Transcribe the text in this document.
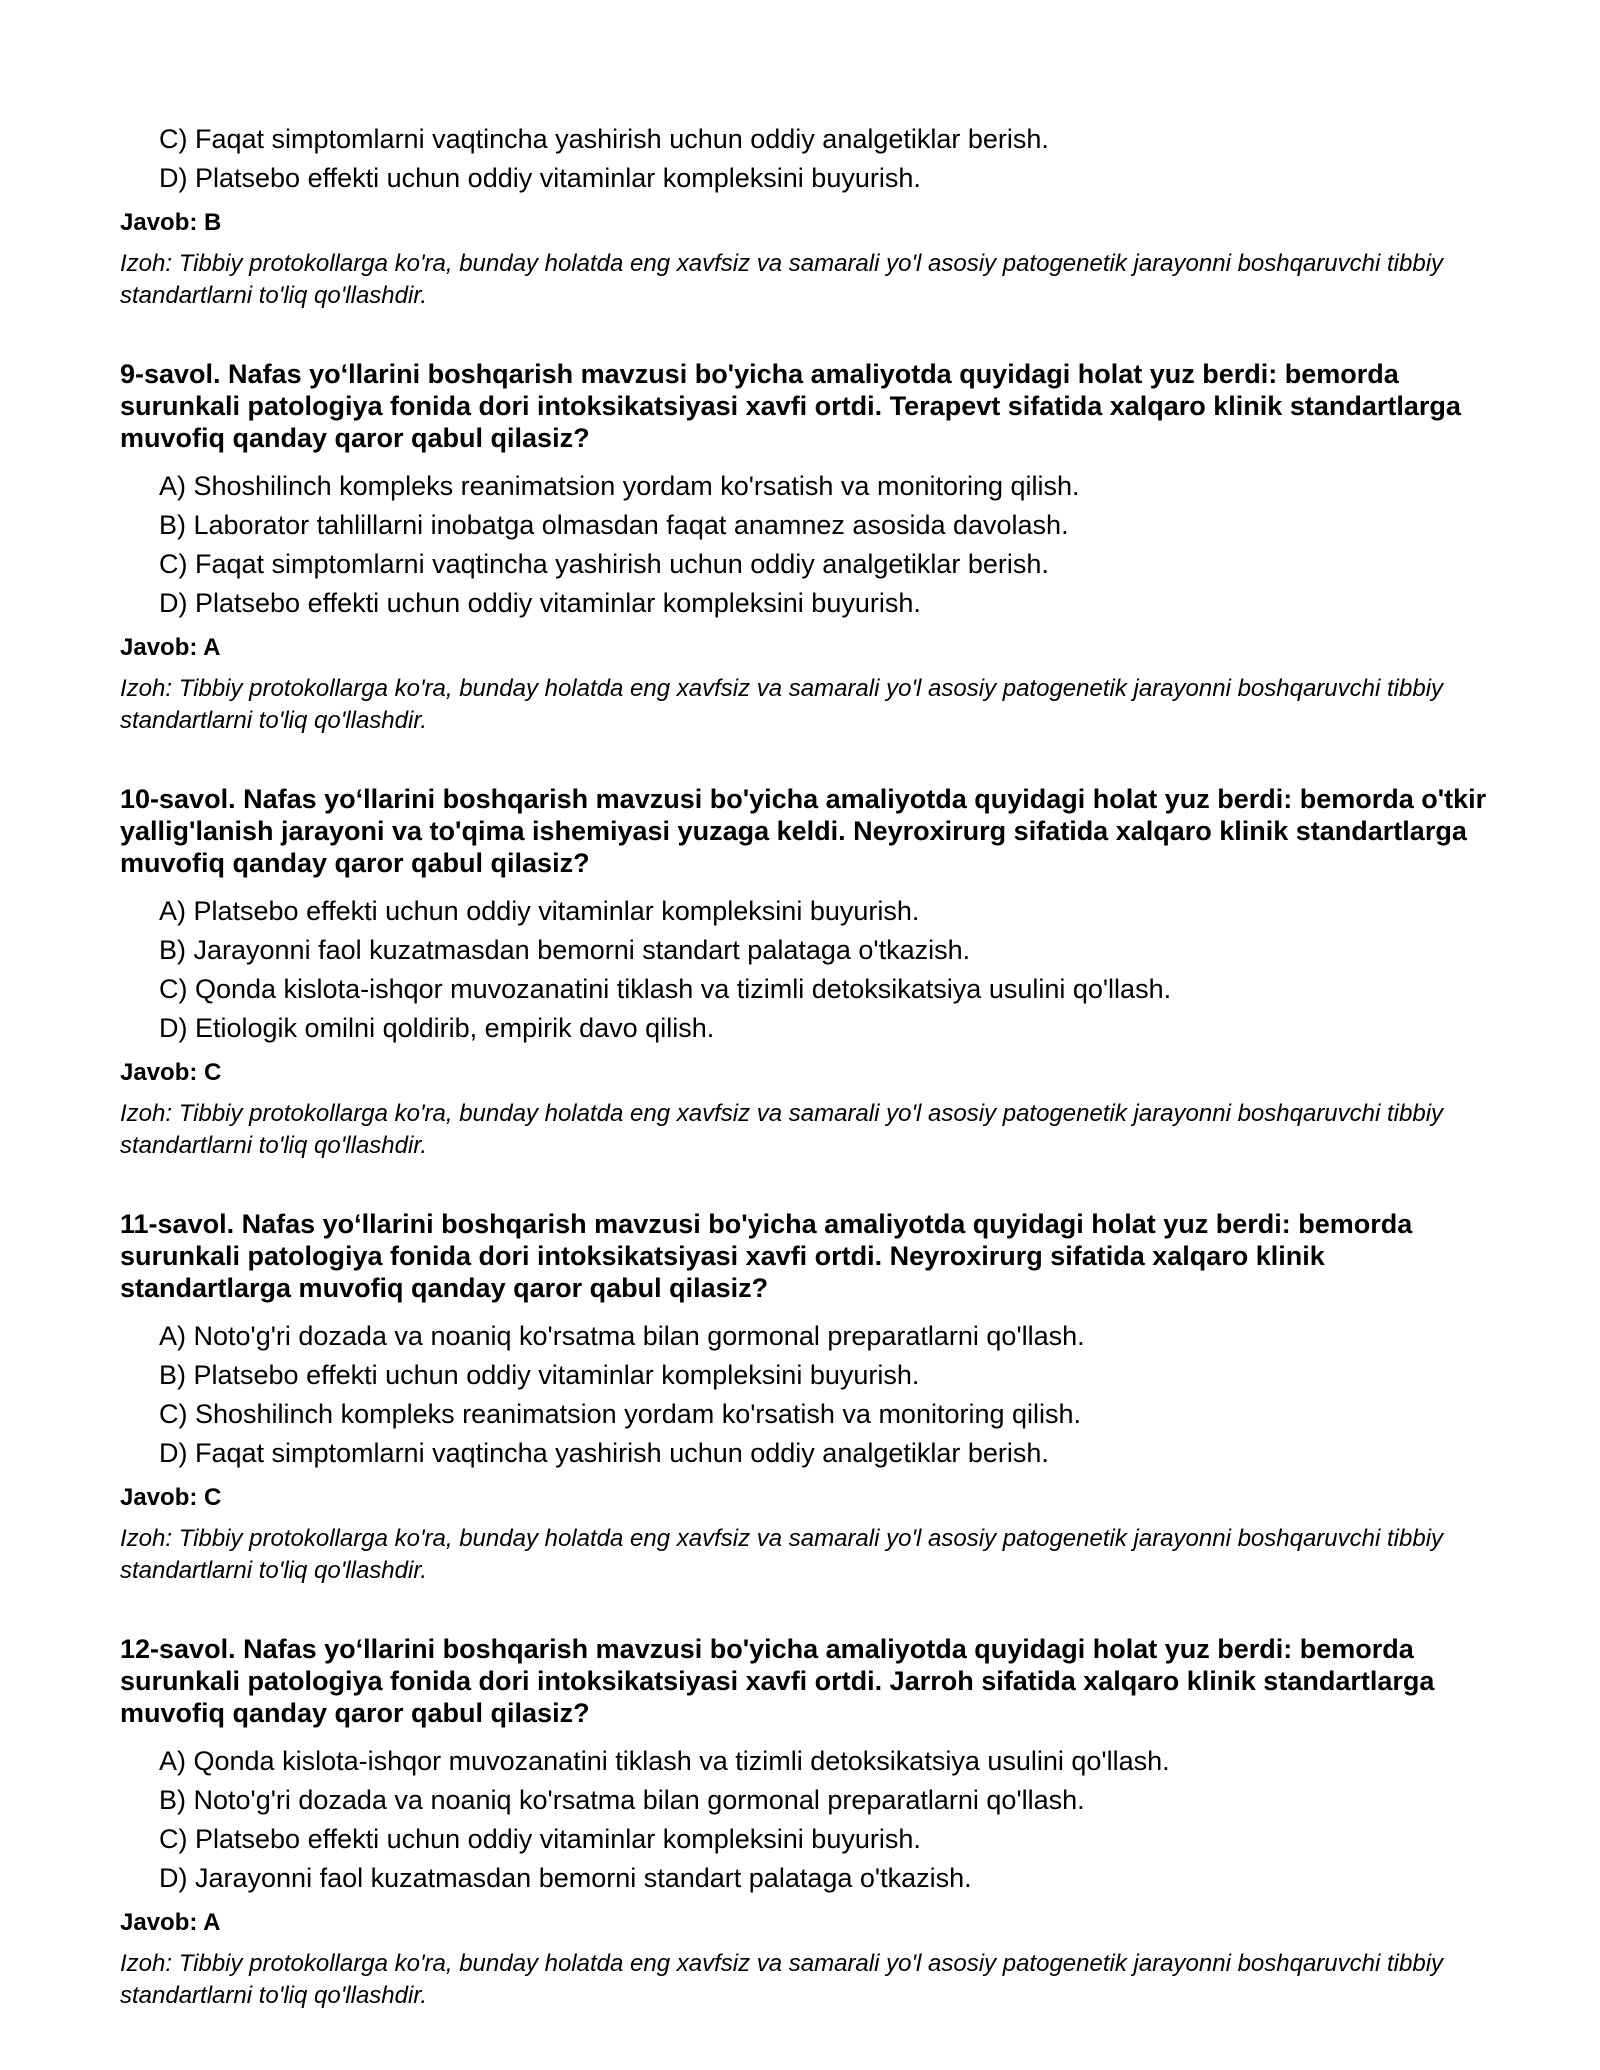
C) Faqat simptomlarni vaqtincha yashirish uchun oddiy analgetiklar berish.

D) Platsebo effekti uchun oddiy vitaminlar kompleksini buyurish.

Javob: B

Izoh: Tibbiy protokollarga ko'ra, bunday holatda eng xavfsiz va samarali yo'l asosiy patogenetik jarayonni boshqaruvchi tibbiy standartlarni to'liq qo'llashdir.

9-savol. Nafas yo‘llarini boshqarish mavzusi bo'yicha amaliyotda quyidagi holat yuz berdi: bemorda surunkali patologiya fonida dori intoksikatsiyasi xavfi ortdi. Terapevt sifatida xalqaro klinik standartlarga muvofiq qanday qaror qabul qilasiz?

A) Shoshilinch kompleks reanimatsion yordam ko'rsatish va monitoring qilish.

B) Laborator tahlillarni inobatga olmasdan faqat anamnez asosida davolash.

C) Faqat simptomlarni vaqtincha yashirish uchun oddiy analgetiklar berish.

D) Platsebo effekti uchun oddiy vitaminlar kompleksini buyurish.

Javob: A

Izoh: Tibbiy protokollarga ko'ra, bunday holatda eng xavfsiz va samarali yo'l asosiy patogenetik jarayonni boshqaruvchi tibbiy standartlarni to'liq qo'llashdir.

10-savol. Nafas yo‘llarini boshqarish mavzusi bo'yicha amaliyotda quyidagi holat yuz berdi: bemorda o'tkir yallig'lanish jarayoni va to'qima ishemiyasi yuzaga keldi. Neyroxirurg sifatida xalqaro klinik standartlarga muvofiq qanday qaror qabul qilasiz?

A) Platsebo effekti uchun oddiy vitaminlar kompleksini buyurish.

B) Jarayonni faol kuzatmasdan bemorni standart palataga o'tkazish.

C) Qonda kislota-ishqor muvozanatini tiklash va tizimli detoksikatsiya usulini qo'llash.

D) Etiologik omilni qoldirib, empirik davo qilish.

Javob: C

Izoh: Tibbiy protokollarga ko'ra, bunday holatda eng xavfsiz va samarali yo'l asosiy patogenetik jarayonni boshqaruvchi tibbiy standartlarni to'liq qo'llashdir.

11-savol. Nafas yo‘llarini boshqarish mavzusi bo'yicha amaliyotda quyidagi holat yuz berdi: bemorda surunkali patologiya fonida dori intoksikatsiyasi xavfi ortdi. Neyroxirurg sifatida xalqaro klinik standartlarga muvofiq qanday qaror qabul qilasiz?

A) Noto'g'ri dozada va noaniq ko'rsatma bilan gormonal preparatlarni qo'llash.

B) Platsebo effekti uchun oddiy vitaminlar kompleksini buyurish.

C) Shoshilinch kompleks reanimatsion yordam ko'rsatish va monitoring qilish.

D) Faqat simptomlarni vaqtincha yashirish uchun oddiy analgetiklar berish.

Javob: C

Izoh: Tibbiy protokollarga ko'ra, bunday holatda eng xavfsiz va samarali yo'l asosiy patogenetik jarayonni boshqaruvchi tibbiy standartlarni to'liq qo'llashdir.

12-savol. Nafas yo‘llarini boshqarish mavzusi bo'yicha amaliyotda quyidagi holat yuz berdi: bemorda surunkali patologiya fonida dori intoksikatsiyasi xavfi ortdi. Jarroh sifatida xalqaro klinik standartlarga muvofiq qanday qaror qabul qilasiz?

A) Qonda kislota-ishqor muvozanatini tiklash va tizimli detoksikatsiya usulini qo'llash.

B) Noto'g'ri dozada va noaniq ko'rsatma bilan gormonal preparatlarni qo'llash.

C) Platsebo effekti uchun oddiy vitaminlar kompleksini buyurish.

D) Jarayonni faol kuzatmasdan bemorni standart palataga o'tkazish.

Javob: A

Izoh: Tibbiy protokollarga ko'ra, bunday holatda eng xavfsiz va samarali yo'l asosiy patogenetik jarayonni boshqaruvchi tibbiy standartlarni to'liq qo'llashdir.
